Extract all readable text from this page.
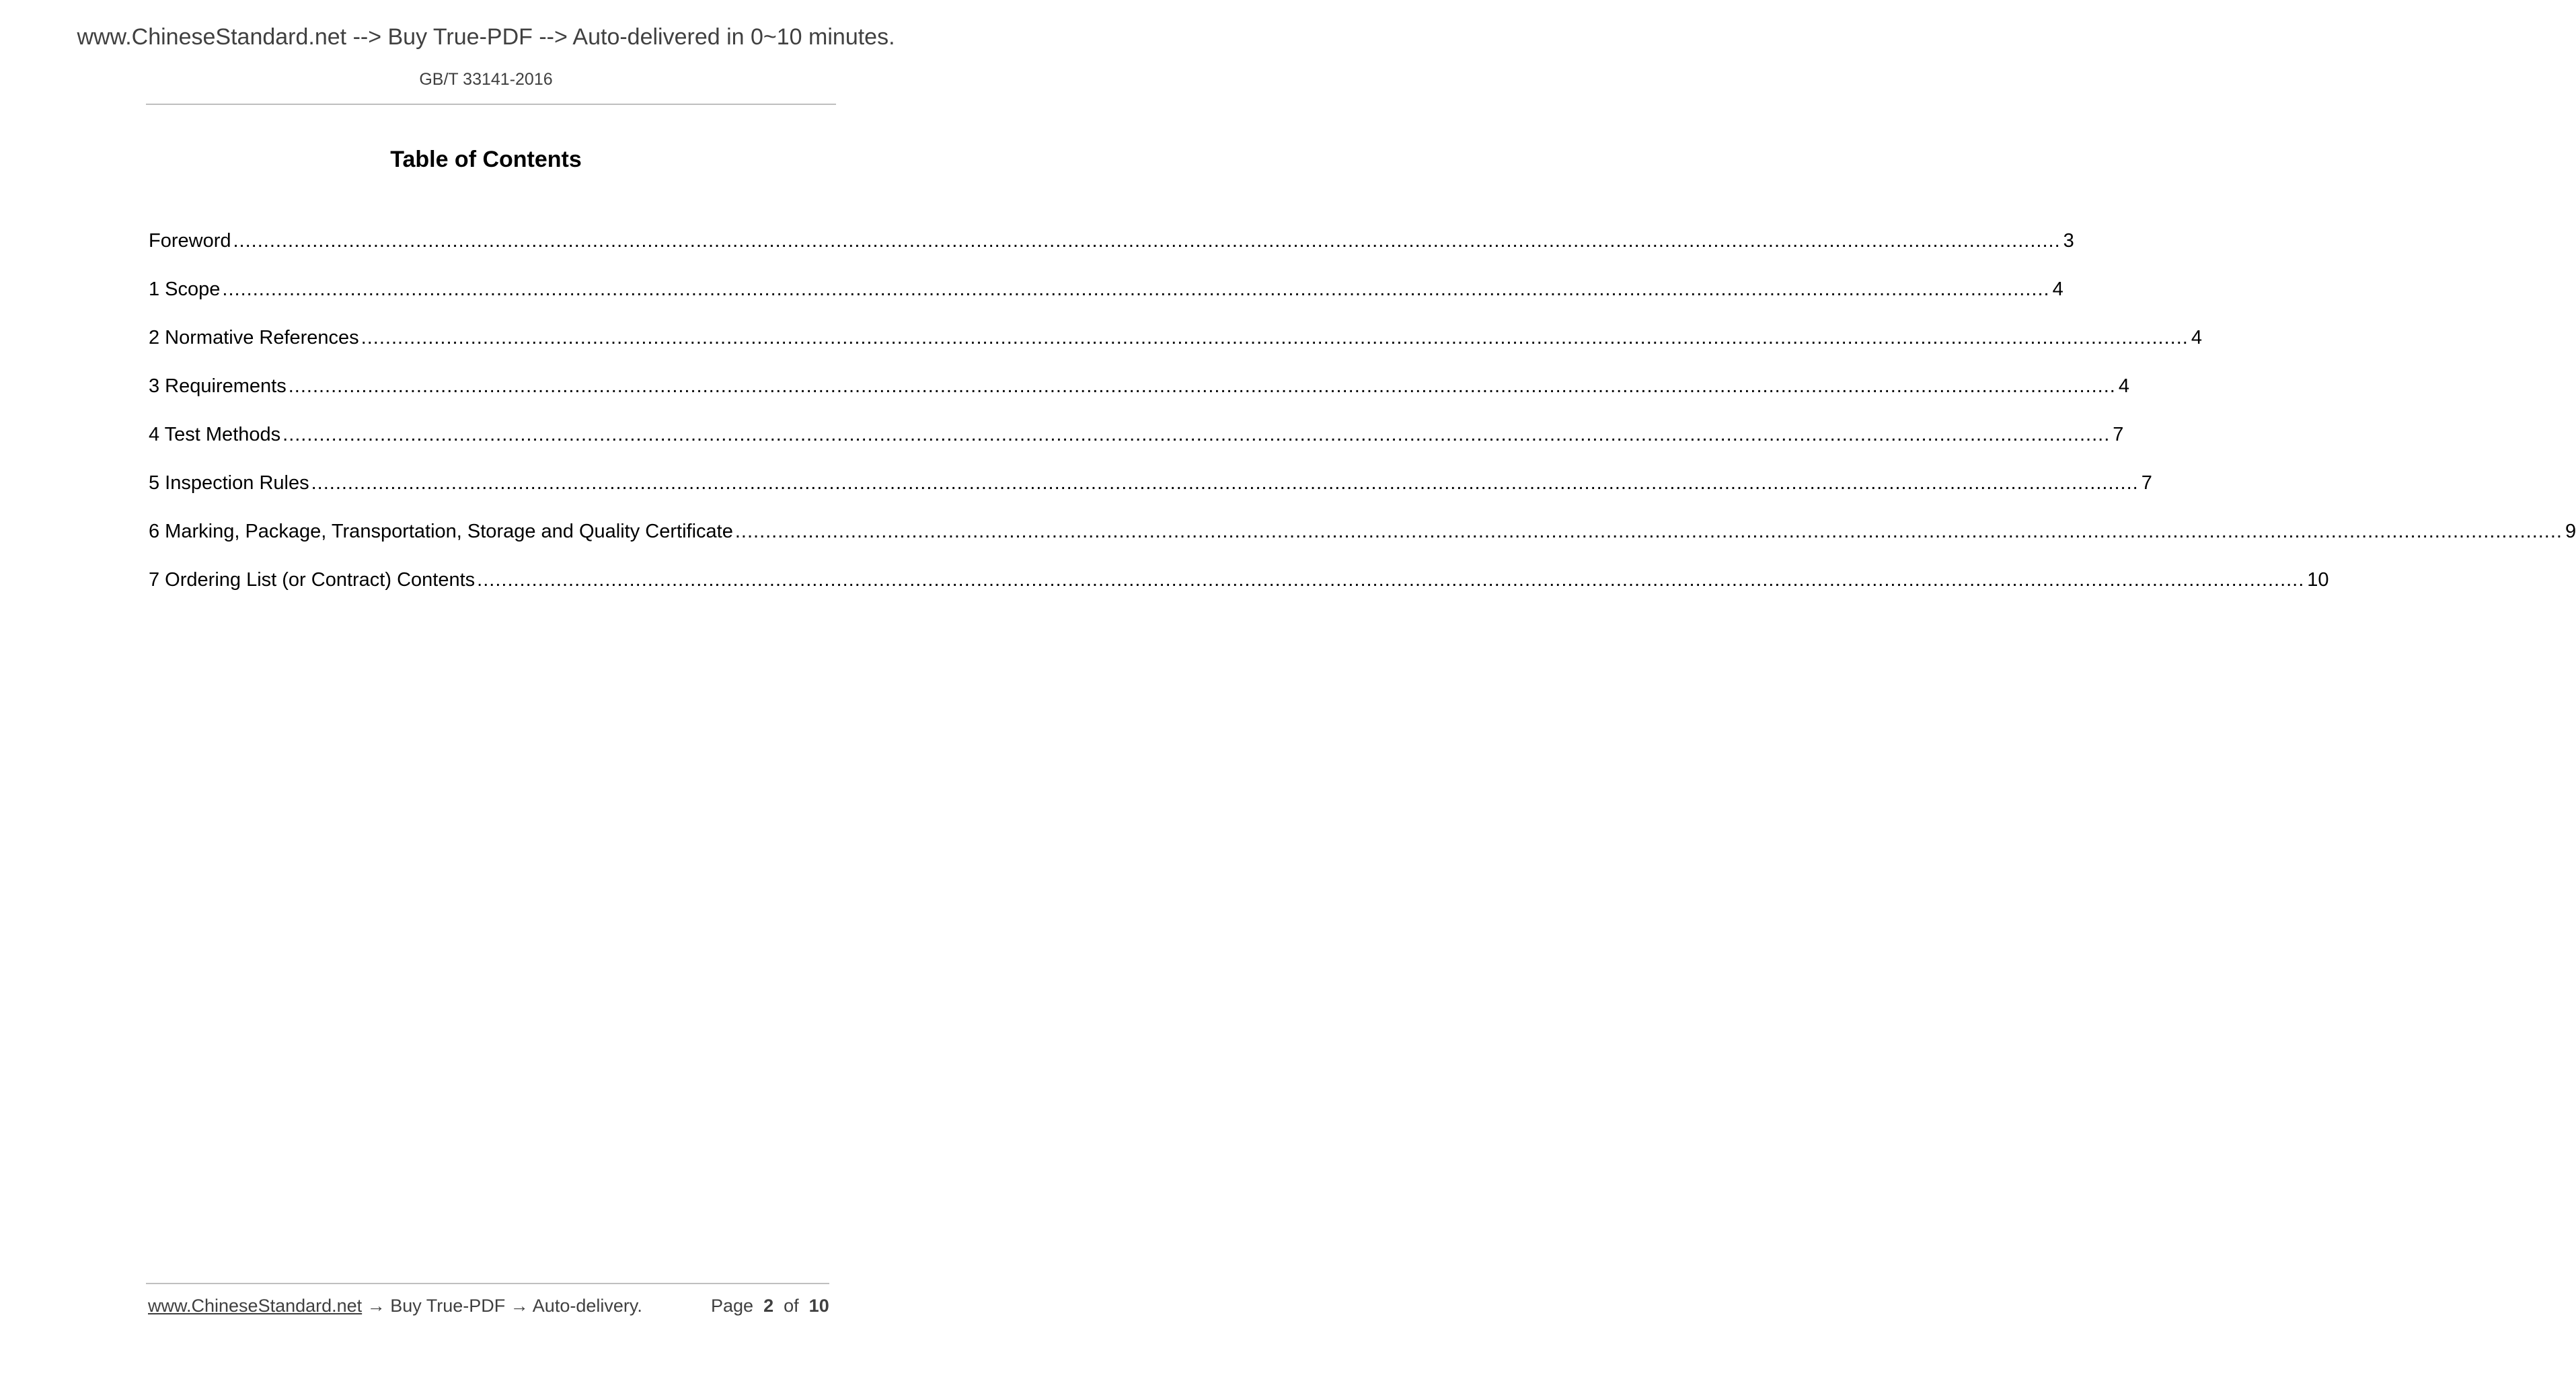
www.ChineseStandard.net --> Buy True-PDF --> Auto-delivered in 0~10 minutes.
GB/T 33141-2016
Table of Contents
Foreword ............................................................................................................................................................................................................................................................................................................ 3
1 Scope ............................................................................................................................................................................................................................................................................................................ 4
2 Normative References ............................................................................................................................................................................................................................................................................................................ 4
3 Requirements ............................................................................................................................................................................................................................................................................................................ 4
4 Test Methods ............................................................................................................................................................................................................................................................................................................ 7
5 Inspection Rules ............................................................................................................................................................................................................................................................................................................ 7
6 Marking, Package, Transportation, Storage and Quality Certificate ............................................................................................................................................................................................................................................................................................................ 9
7 Ordering List (or Contract) Contents ............................................................................................................................................................................................................................................................................................................ 10
www.ChineseStandard.net → Buy True-PDF → Auto-delivery.	Page 2 of 10
